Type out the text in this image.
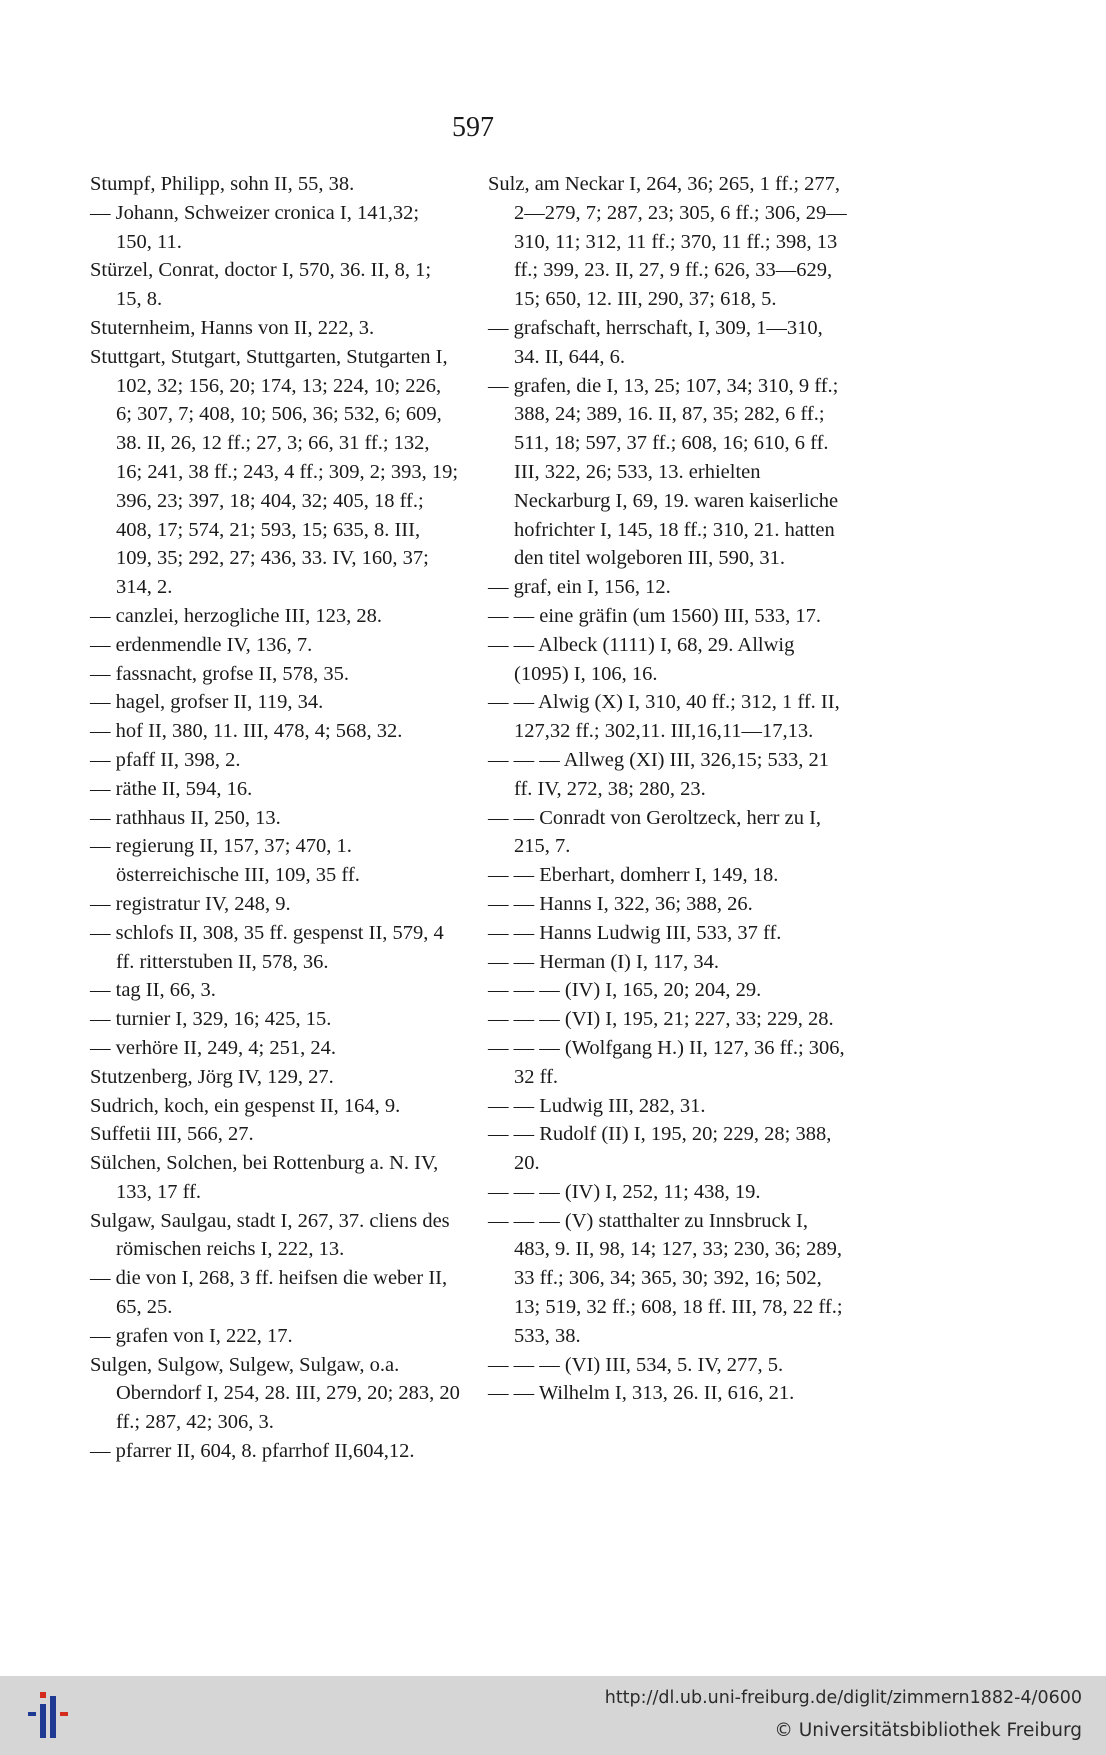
597
Stumpf, Philipp, sohn II, 55, 38.
— Johann, Schweizer cronica I, 141,32; 150, 11.
Stürzel, Conrat, doctor I, 570, 36. II, 8, 1; 15, 8.
Stuternheim, Hanns von II, 222, 3.
Stuttgart, Stutgart, Stuttgarten, Stutgarten I, 102, 32; 156, 20; 174, 13; 224, 10; 226, 6; 307, 7; 408, 10; 506, 36; 532, 6; 609, 38. II, 26, 12 ff.; 27, 3; 66, 31 ff.; 132, 16; 241, 38 ff.; 243, 4 ff.; 309, 2; 393, 19; 396, 23; 397, 18; 404, 32; 405, 18 ff.; 408, 17; 574, 21; 593, 15; 635, 8. III, 109, 35; 292, 27; 436, 33. IV, 160, 37; 314, 2.
— canzlei, herzogliche III, 123, 28.
— erdenmendle IV, 136, 7.
— fassnacht, grofse II, 578, 35.
— hagel, grofser II, 119, 34.
— hof II, 380, 11. III, 478, 4; 568, 32.
— pfaff II, 398, 2.
— räthe II, 594, 16.
— rathhaus II, 250, 13.
— regierung II, 157, 37; 470, 1. österreichische III, 109, 35 ff.
— registratur IV, 248, 9.
— schlofs II, 308, 35 ff. gespenst II, 579, 4 ff. ritterstuben II, 578, 36.
— tag II, 66, 3.
— turnier I, 329, 16; 425, 15.
— verhöre II, 249, 4; 251, 24.
Stutzenberg, Jörg IV, 129, 27.
Sudrich, koch, ein gespenst II, 164, 9.
Suffetii III, 566, 27.
Sülchen, Solchen, bei Rottenburg a. N. IV, 133, 17 ff.
Sulgaw, Saulgau, stadt I, 267, 37. cliens des römischen reichs I, 222, 13.
— die von I, 268, 3 ff. heifsen die weber II, 65, 25.
— grafen von I, 222, 17.
Sulgen, Sulgow, Sulgew, Sulgaw, o.a. Oberndorf I, 254, 28. III, 279, 20; 283, 20 ff.; 287, 42; 306, 3.
— pfarrer II, 604, 8. pfarrhof II,604,12.
Sulz, am Neckar I, 264, 36; 265, 1 ff.; 277, 2—279, 7; 287, 23; 305, 6 ff.; 306, 29—310, 11; 312, 11 ff.; 370, 11 ff.; 398, 13 ff.; 399, 23. II, 27, 9 ff.; 626, 33—629, 15; 650, 12. III, 290, 37; 618, 5.
— grafschaft, herrschaft, I, 309, 1—310, 34. II, 644, 6.
— grafen, die I, 13, 25; 107, 34; 310, 9 ff.; 388, 24; 389, 16. II, 87, 35; 282, 6 ff.; 511, 18; 597, 37 ff.; 608, 16; 610, 6 ff. III, 322, 26; 533, 13. erhielten Neckarburg I, 69, 19. waren kaiserliche hofrichter I, 145, 18 ff.; 310, 21. hatten den titel wolgeboren III, 590, 31.
— graf, ein I, 156, 12.
— — eine gräfin (um 1560) III, 533, 17.
— — Albeck (1111) I, 68, 29. Allwig (1095) I, 106, 16.
— — Alwig (X) I, 310, 40 ff.; 312, 1 ff. II, 127,32 ff.; 302,11. III,16,11—17,13.
— — — Allweg (XI) III, 326,15; 533, 21 ff. IV, 272, 38; 280, 23.
— — Conradt von Geroltzeck, herr zu I, 215, 7.
— — Eberhart, domherr I, 149, 18.
— — Hanns I, 322, 36; 388, 26.
— — Hanns Ludwig III, 533, 37 ff.
— — Herman (I) I, 117, 34.
— — — (IV) I, 165, 20; 204, 29.
— — — (VI) I, 195, 21; 227, 33; 229, 28.
— — — (Wolfgang H.) II, 127, 36 ff.; 306, 32 ff.
— — Ludwig III, 282, 31.
— — Rudolf (II) I, 195, 20; 229, 28; 388, 20.
— — — (IV) I, 252, 11; 438, 19.
— — — (V) statthalter zu Innsbruck I, 483, 9. II, 98, 14; 127, 33; 230, 36; 289, 33 ff.; 306, 34; 365, 30; 392, 16; 502, 13; 519, 32 ff.; 608, 18 ff. III, 78, 22 ff.; 533, 38.
— — — (VI) III, 534, 5. IV, 277, 5.
— — Wilhelm I, 313, 26. II, 616, 21.
http://dl.ub.uni-freiburg.de/diglit/zimmern1882-4/0600
© Universitätsbibliothek Freiburg
